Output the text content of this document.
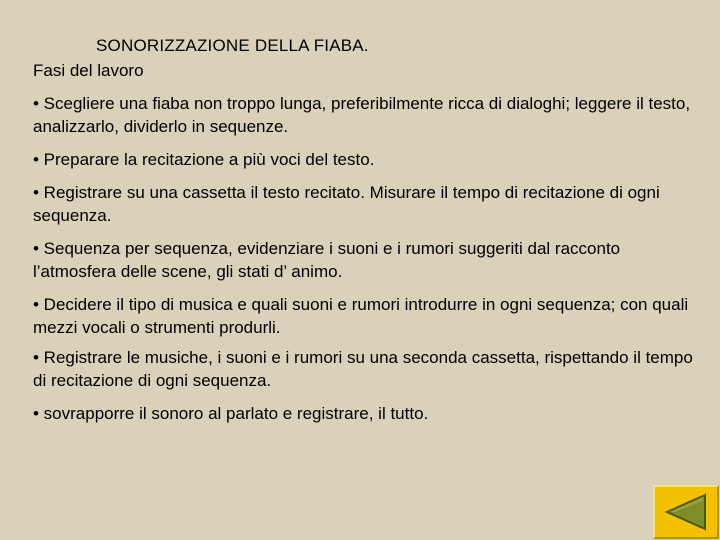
SONORIZZAZIONE DELLA FIABA.
Fasi del lavoro
• Scegliere una fiaba non troppo lunga, preferibilmente ricca di dialoghi; leggere il testo, analizzarlo, dividerlo in sequenze.
• Preparare la recitazione a più voci del testo.
• Registrare su una cassetta il testo recitato. Misurare il tempo di recitazione di ogni sequenza.
• Sequenza per sequenza, evidenziare i suoni e i rumori suggeriti dal racconto l’atmosfera delle scene, gli stati d’ animo.
• Decidere il tipo di musica e quali suoni e rumori introdurre in ogni sequenza; con quali mezzi vocali o strumenti produrli.
• Registrare le musiche, i suoni e i rumori su una seconda cassetta, rispettando il tempo di recitazione di ogni sequenza.
• sovrapporre il sonoro al parlato e registrare, il tutto.
